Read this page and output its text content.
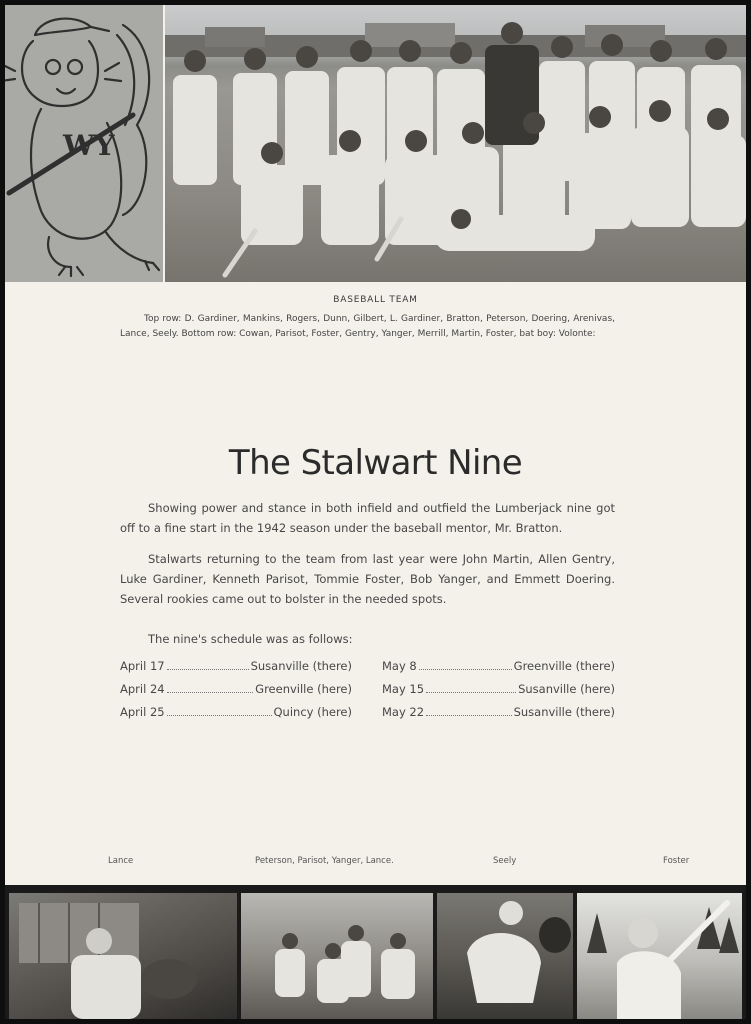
WY
BASEBALL TEAM
Top row: D. Gardiner, Mankins, Rogers, Dunn, Gilbert, L. Gardiner, Bratton, Peterson, Doering, Arenivas, Lance, Seely. Bottom row: Cowan, Parisot, Foster, Gentry, Yanger, Merrill, Martin, Foster, bat boy: Volonte:
The Stalwart Nine

Showing power and stance in both infield and outfield the Lumberjack nine got off to a fine start in the 1942 season under the baseball mentor, Mr. Bratton.

Stalwarts returning to the team from last year were John Martin, Allen Gentry, Luke Gardiner, Kenneth Parisot, Tommie Foster, Bob Yanger, and Emmett Doering. Several rookies came out to bolster in the needed spots.

The nine's schedule was as follows:

April 17	Susanville (there)	May 8	Greenville (there)
April 24	Greenville (here)	May 15	Susanville (here)
April 25	Quincy (here)	May 22	Susanville (there)
Lance	Peterson, Parisot, Yanger, Lance.	Seely	Foster
